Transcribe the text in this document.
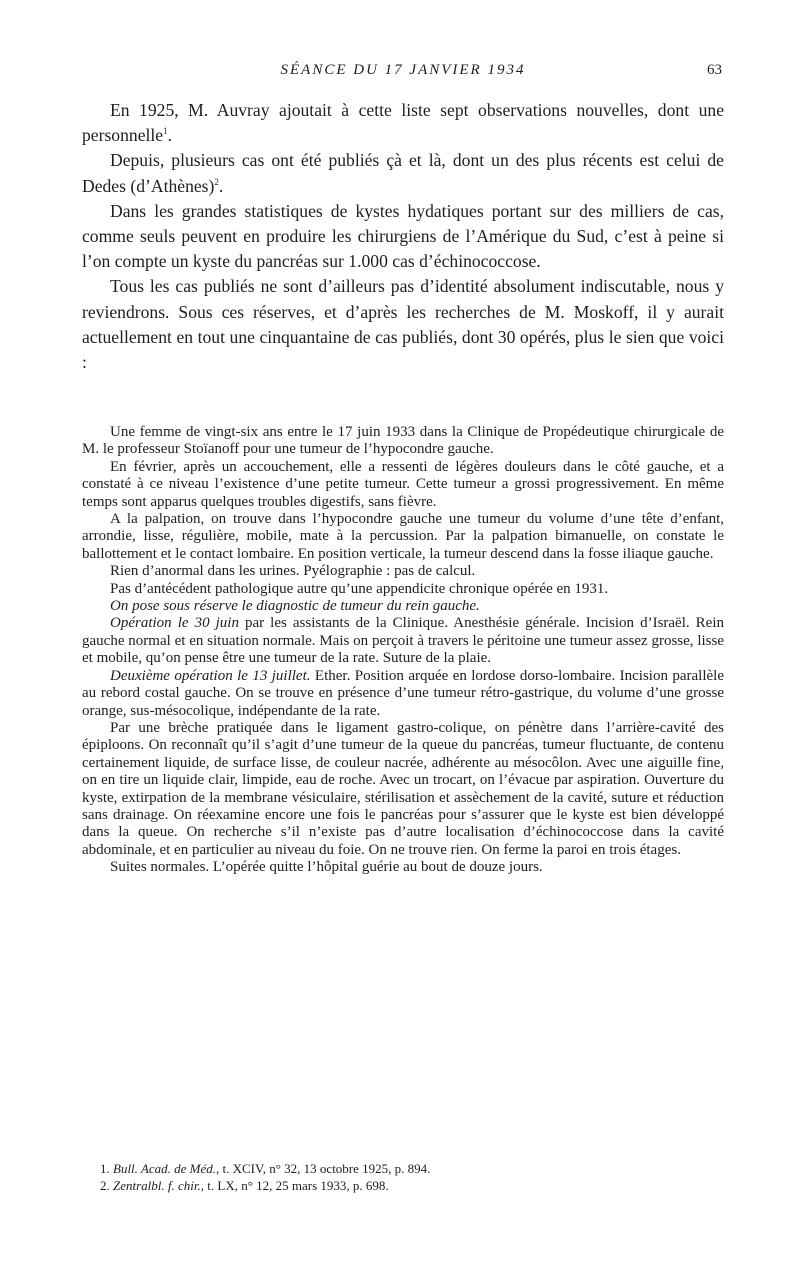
SÉANCE DU 17 JANVIER 1934	63

En 1925, M. Auvray ajoutait à cette liste sept observations nouvelles, dont une personnelle$^1$.

Depuis, plusieurs cas ont été publiés çà et là, dont un des plus récents est celui de Dedes (d’Athènes)$^2$.

Dans les grandes statistiques de kystes hydatiques portant sur des milliers de cas, comme seuls peuvent en produire les chirurgiens de l’Amérique du Sud, c’est à peine si l’on compte un kyste du pancréas sur 1.000 cas d’échinococcose.

Tous les cas publiés ne sont d’ailleurs pas d’identité absolument indiscutable, nous y reviendrons. Sous ces réserves, et d’après les recherches de M. Moskoff, il y aurait actuellement en tout une cinquantaine de cas publiés, dont 30 opérés, plus le sien que voici :

Une femme de vingt-six ans entre le 17 juin 1933 dans la Clinique de Propédeutique chirurgicale de M. le professeur Stoïanoff pour une tumeur de l’hypocondre gauche.

En février, après un accouchement, elle a ressenti de légères douleurs dans le côté gauche, et a constaté à ce niveau l’existence d’une petite tumeur. Cette tumeur a grossi progressivement. En même temps sont apparus quelques troubles digestifs, sans fièvre.

A la palpation, on trouve dans l’hypocondre gauche une tumeur du volume d’une tête d’enfant, arrondie, lisse, régulière, mobile, mate à la percussion. Par la palpation bimanuelle, on constate le ballottement et le contact lombaire. En position verticale, la tumeur descend dans la fosse iliaque gauche.

Rien d’anormal dans les urines. Pyélographie : pas de calcul.

Pas d’antécédent pathologique autre qu’une appendicite chronique opérée en 1931.

On pose sous réserve le diagnostic de tumeur du rein gauche.

Opération le 30 juin par les assistants de la Clinique. Anesthésie générale. Incision d’Israël. Rein gauche normal et en situation normale. Mais on perçoit à travers le péritoine une tumeur assez grosse, lisse et mobile, qu’on pense être une tumeur de la rate. Suture de la plaie.

Deuxième opération le 13 juillet. Ether. Position arquée en lordose dorso-lombaire. Incision parallèle au rebord costal gauche. On se trouve en présence d’une tumeur rétro-gastrique, du volume d’une grosse orange, sus-mésocolique, indépendante de la rate.

Par une brèche pratiquée dans le ligament gastro-colique, on pénètre dans l’arrière-cavité des épiploons. On reconnaît qu’il s’agit d’une tumeur de la queue du pancréas, tumeur fluctuante, de contenu certainement liquide, de surface lisse, de couleur nacrée, adhérente au mésocôlon. Avec une aiguille fine, on en tire un liquide clair, limpide, eau de roche. Avec un trocart, on l’évacue par aspiration. Ouverture du kyste, extirpation de la membrane vésiculaire, stérilisation et assèchement de la cavité, suture et réduction sans drainage. On réexamine encore une fois le pancréas pour s’assurer que le kyste est bien développé dans la queue. On recherche s’il n’existe pas d’autre localisation d’échinococcose dans la cavité abdominale, et en particulier au niveau du foie. On ne trouve rien. On ferme la paroi en trois étages.

Suites normales. L’opérée quitte l’hôpital guérie au bout de douze jours.

1. Bull. Acad. de Méd., t. XCIV, n° 32, 13 octobre 1925, p. 894.

2. Zentralbl. f. chir., t. LX, n° 12, 25 mars 1933, p. 698.
